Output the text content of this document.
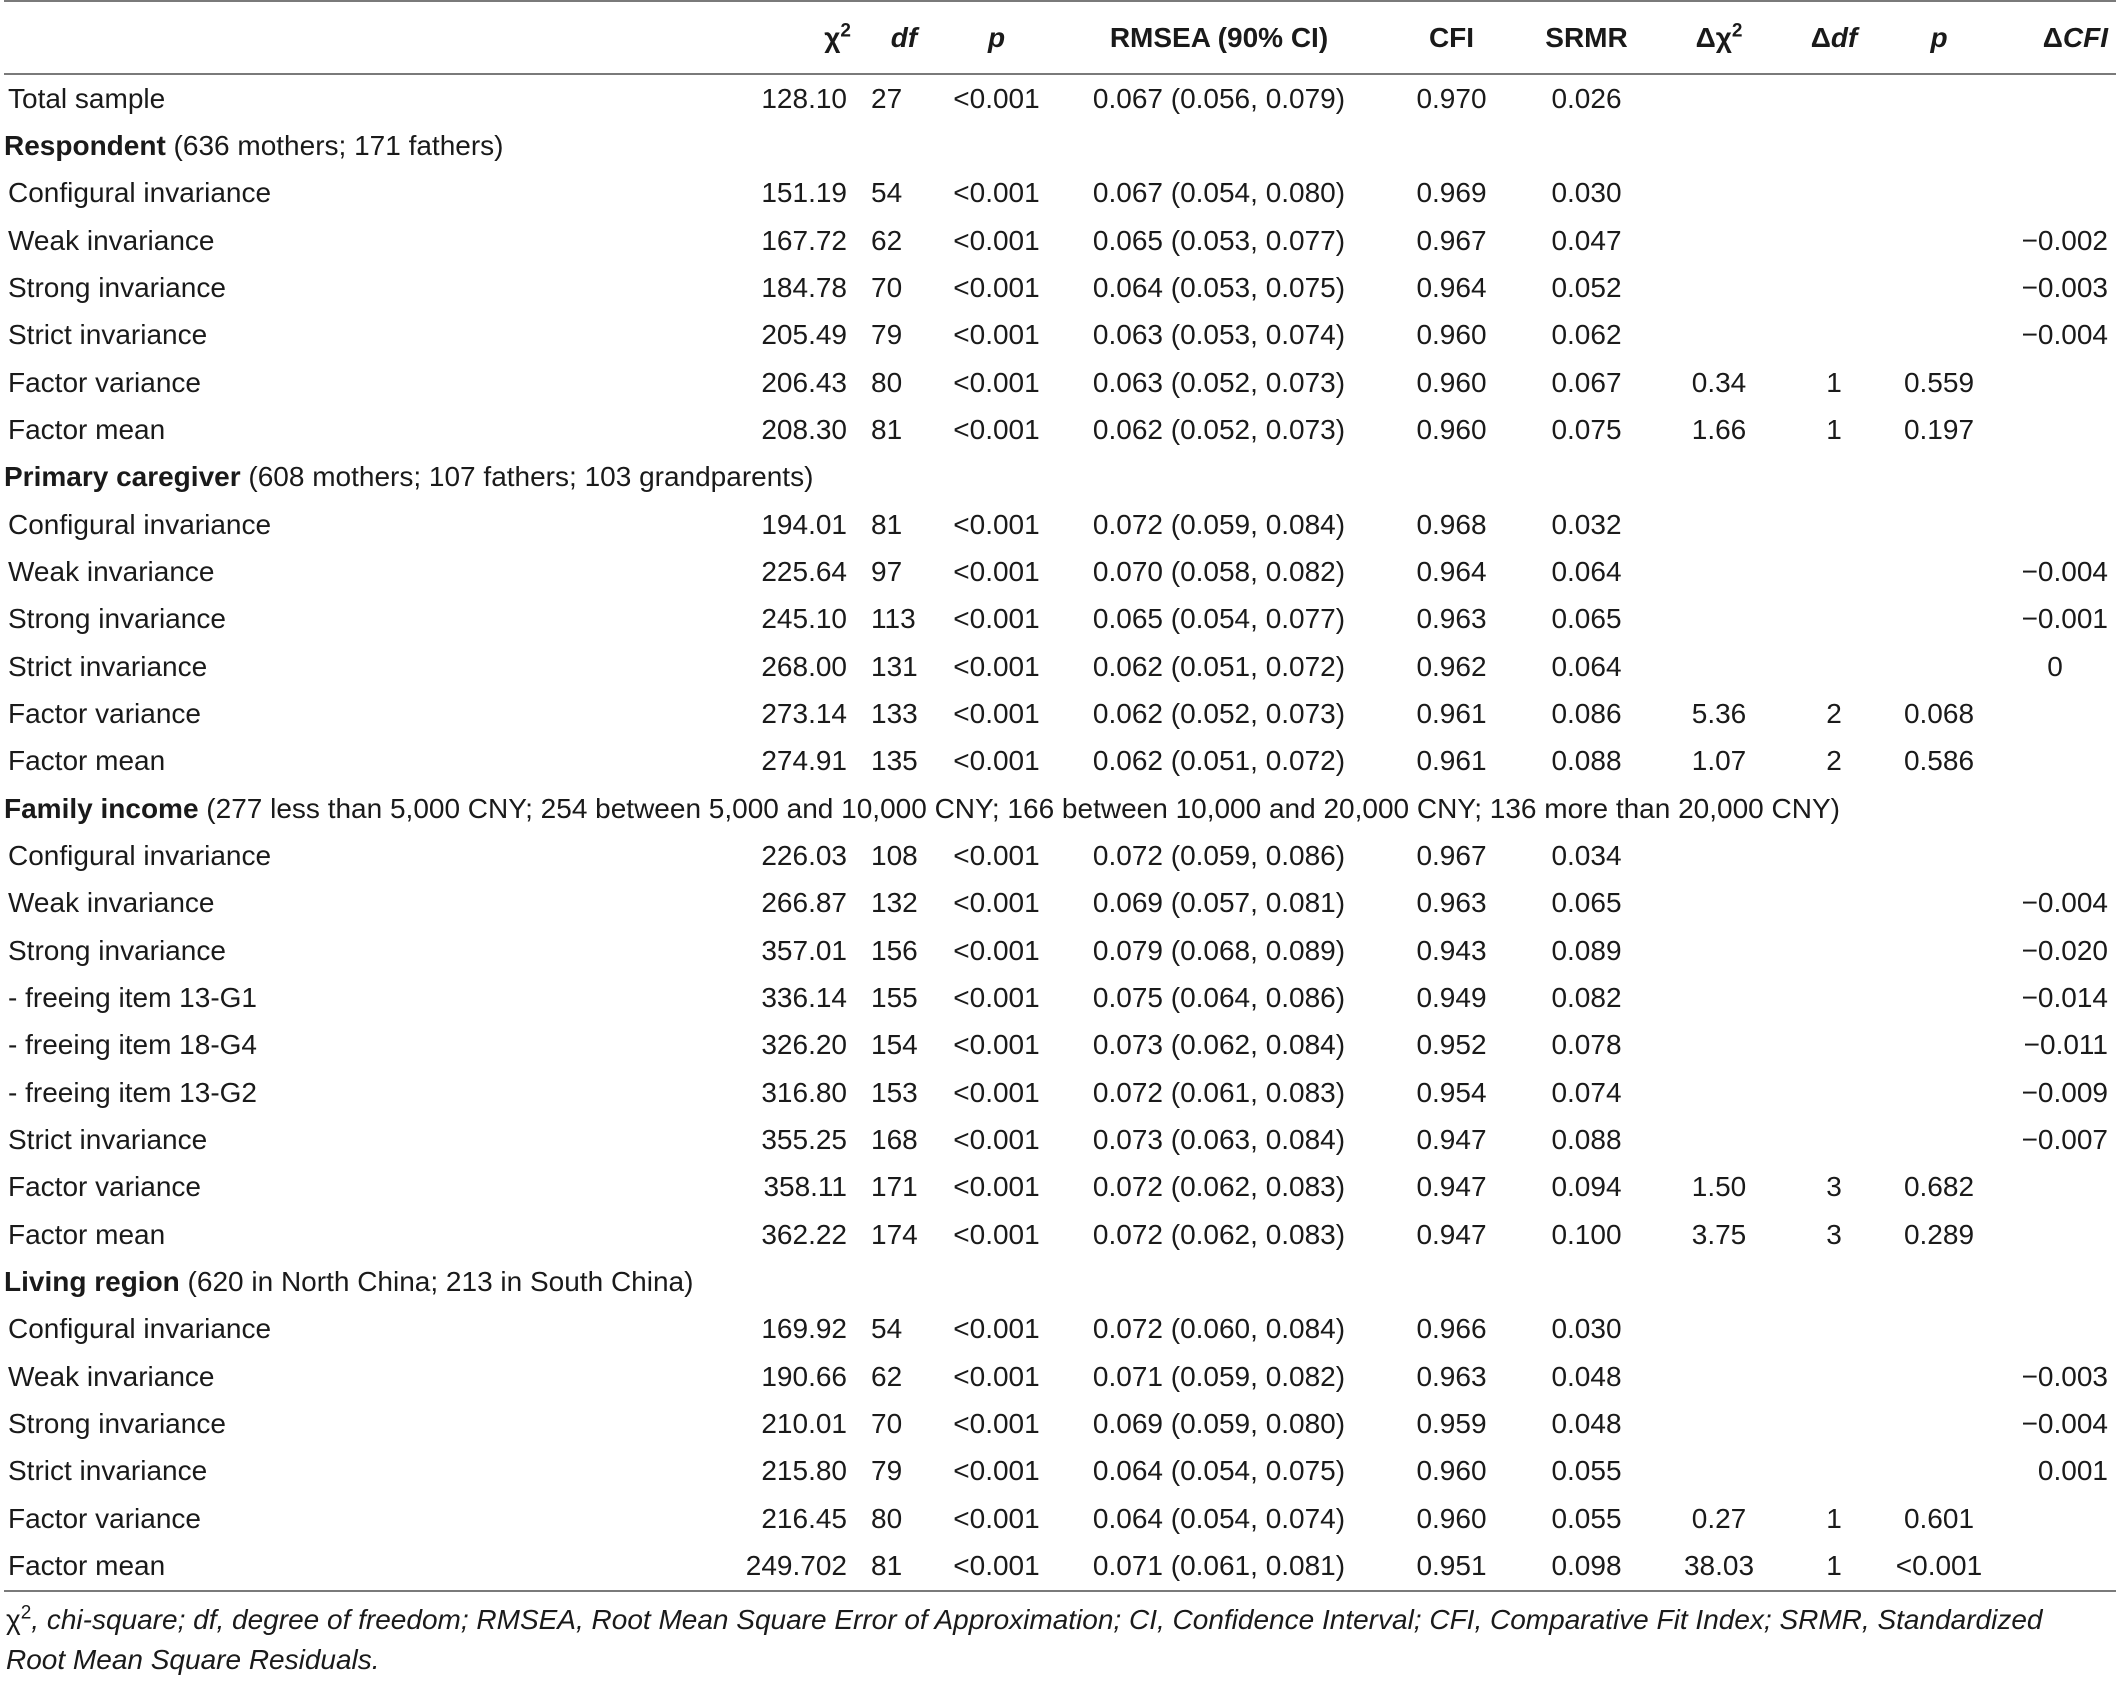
	$\chi^2$	df	p	RMSEA (90% CI)	CFI	SRMR	$\Delta\chi^2$	Δdf	p	ΔCFI
Total sample	128.10	27	<0.001	0.067 (0.056, 0.079)	0.970	0.026				
Respondent (636 mothers; 171 fathers)										
Configural invariance	151.19	54	<0.001	0.067 (0.054, 0.080)	0.969	0.030				
Weak invariance	167.72	62	<0.001	0.065 (0.053, 0.077)	0.967	0.047				−0.002
Strong invariance	184.78	70	<0.001	0.064 (0.053, 0.075)	0.964	0.052				−0.003
Strict invariance	205.49	79	<0.001	0.063 (0.053, 0.074)	0.960	0.062				−0.004
Factor variance	206.43	80	<0.001	0.063 (0.052, 0.073)	0.960	0.067	0.34	1	0.559	
Factor mean	208.30	81	<0.001	0.062 (0.052, 0.073)	0.960	0.075	1.66	1	0.197	
Primary caregiver (608 mothers; 107 fathers; 103 grandparents)										
Configural invariance	194.01	81	<0.001	0.072 (0.059, 0.084)	0.968	0.032				
Weak invariance	225.64	97	<0.001	0.070 (0.058, 0.082)	0.964	0.064				−0.004
Strong invariance	245.10	113	<0.001	0.065 (0.054, 0.077)	0.963	0.065				−0.001
Strict invariance	268.00	131	<0.001	0.062 (0.051, 0.072)	0.962	0.064				0
Factor variance	273.14	133	<0.001	0.062 (0.052, 0.073)	0.961	0.086	5.36	2	0.068	
Factor mean	274.91	135	<0.001	0.062 (0.051, 0.072)	0.961	0.088	1.07	2	0.586	
Family income (277 less than 5,000 CNY; 254 between 5,000 and 10,000 CNY; 166 between 10,000 and 20,000 CNY; 136 more than 20,000 CNY)										
Configural invariance	226.03	108	<0.001	0.072 (0.059, 0.086)	0.967	0.034				
Weak invariance	266.87	132	<0.001	0.069 (0.057, 0.081)	0.963	0.065				−0.004
Strong invariance	357.01	156	<0.001	0.079 (0.068, 0.089)	0.943	0.089				−0.020
- freeing item 13-G1	336.14	155	<0.001	0.075 (0.064, 0.086)	0.949	0.082				−0.014
- freeing item 18-G4	326.20	154	<0.001	0.073 (0.062, 0.084)	0.952	0.078				−0.011
- freeing item 13-G2	316.80	153	<0.001	0.072 (0.061, 0.083)	0.954	0.074				−0.009
Strict invariance	355.25	168	<0.001	0.073 (0.063, 0.084)	0.947	0.088				−0.007
Factor variance	358.11	171	<0.001	0.072 (0.062, 0.083)	0.947	0.094	1.50	3	0.682	
Factor mean	362.22	174	<0.001	0.072 (0.062, 0.083)	0.947	0.100	3.75	3	0.289	
Living region (620 in North China; 213 in South China)										
Configural invariance	169.92	54	<0.001	0.072 (0.060, 0.084)	0.966	0.030				
Weak invariance	190.66	62	<0.001	0.071 (0.059, 0.082)	0.963	0.048				−0.003
Strong invariance	210.01	70	<0.001	0.069 (0.059, 0.080)	0.959	0.048				−0.004
Strict invariance	215.80	79	<0.001	0.064 (0.054, 0.075)	0.960	0.055				0.001
Factor variance	216.45	80	<0.001	0.064 (0.054, 0.074)	0.960	0.055	0.27	1	0.601	
Factor mean	249.702	81	<0.001	0.071 (0.061, 0.081)	0.951	0.098	38.03	1	<0.001	
$\chi^2$, chi-square; df, degree of freedom; RMSEA, Root Mean Square Error of Approximation; CI, Confidence Interval; CFI, Comparative Fit Index; SRMR, Standardized Root Mean Square Residuals.
